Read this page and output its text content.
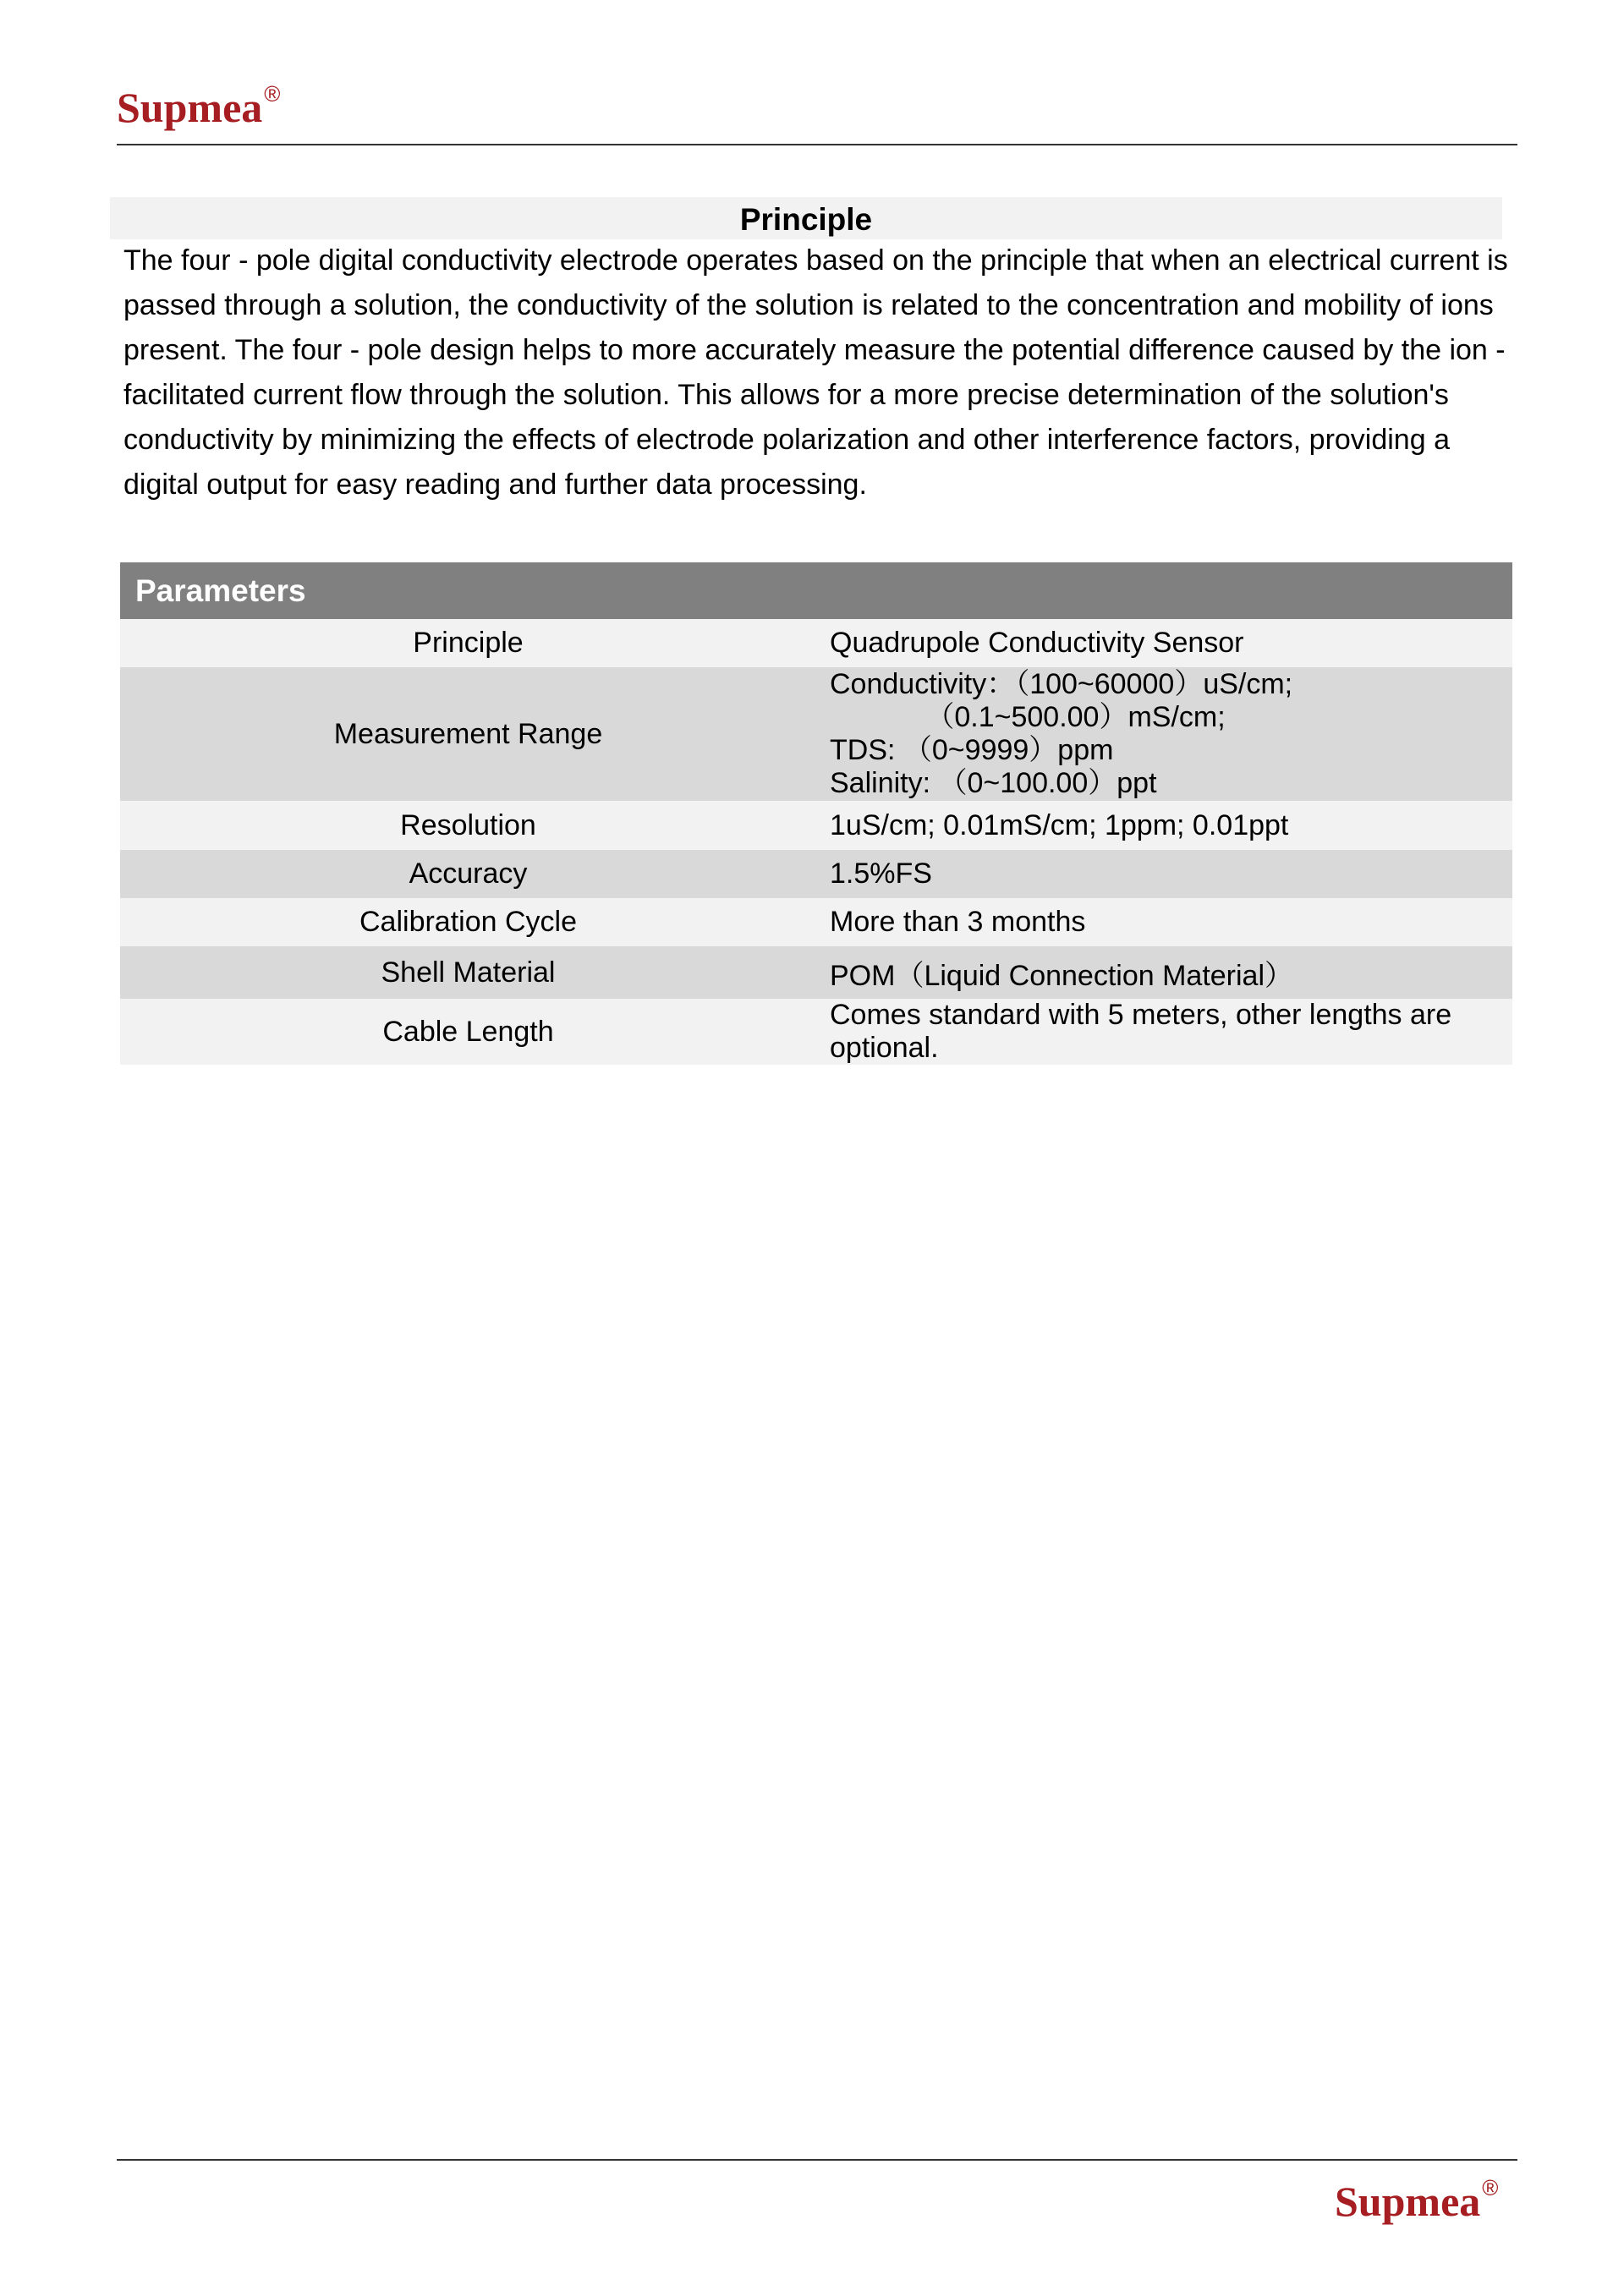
Supmea®
Principle

The four - pole digital conductivity electrode operates based on the principle that when an electrical current is passed through a solution, the conductivity of the solution is related to the concentration and mobility of ions present. The four - pole design helps to more accurately measure the potential difference caused by the ion - facilitated current flow through the solution. This allows for a more precise determination of the solution's conductivity by minimizing the effects of electrode polarization and other interference factors, providing a digital output for easy reading and further data processing.

Parameters	
Principle	Quadrupole Conductivity Sensor
Measurement Range	Conductivity：（100~60000）uS/cm;
（0.1~500.00）mS/cm;
TDS: （0~9999）ppm
Salinity: （0~100.00）ppt

Resolution	1uS/cm; 0.01mS/cm; 1ppm; 0.01ppt
Accuracy	1.5%FS
Calibration Cycle	More than 3 months
Shell Material	POM（Liquid Connection Material）
Cable Length	Comes standard with 5 meters, other lengths are optional.
Supmea®
